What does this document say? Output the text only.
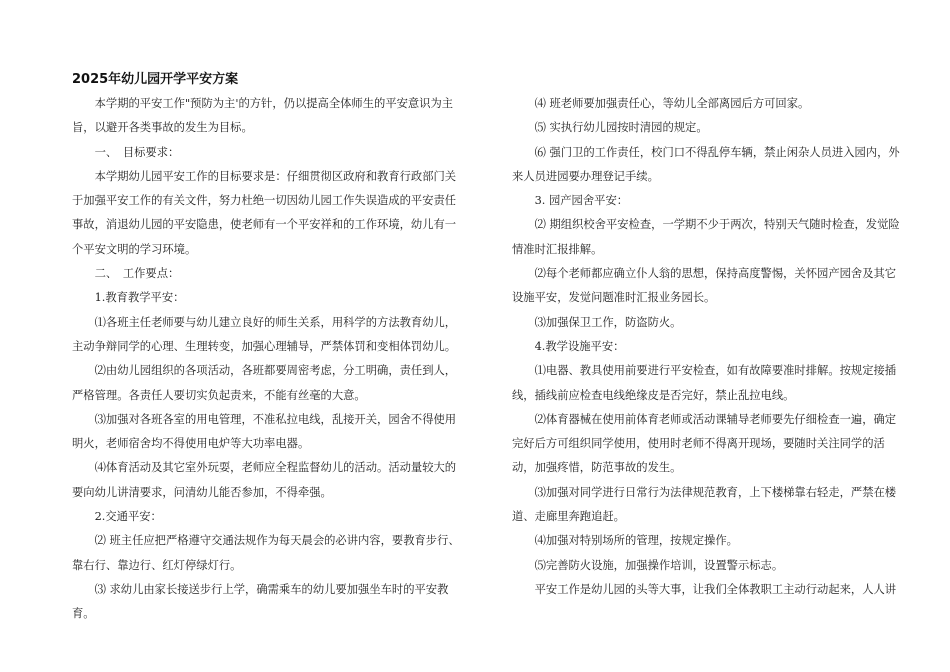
2025年幼儿园开学平安方案

本学期的平安工作"预防为主'的方针，仍以提高全体师生的平安意识为主旨，以避开各类事故的发生为目标。

一、　目标要求：

本学期幼儿园平安工作的目标要求是：仔细贯彻区政府和教育行政部门关于加强平安工作的有关文件，努力杜绝一切因幼儿园工作失误造成的平安责任事故，消退幼儿园的平安隐患，使老师有一个平安祥和的工作环境，幼儿有一个平安文明的学习环境。

二、　工作要点：

1.教育教学平安：

⑴各班主任老师要与幼儿建立良好的师生关系，用科学的方法教育幼儿，主动争辩同学的心理、生理转变，加强心理辅导，严禁体罚和变相体罚幼儿。

⑵由幼儿园组织的各项活动，各班都要周密考虑，分工明确，责任到人，严格管理。各责任人要切实负起责来，不能有丝毫的大意。

⑶加强对各班各室的用电管理，不准私拉电线，乱接开关，园舍不得使用明火，老师宿舍均不得使用电炉等大功率电器。

⑷体育活动及其它室外玩耍，老师应全程监督幼儿的活动。活动量较大的要向幼儿讲清要求，问清幼儿能否参加，不得牵强。

2.交通平安：

⑵ 班主任应把严格遵守交通法规作为每天晨会的必讲内容，要教育步行、靠右行、靠边行、红灯停绿灯行。

⑶ 求幼儿由家长接送步行上学，确需乘车的幼儿要加强坐车时的平安教育。

⑷ 班老师要加强责任心，等幼儿全部离园后方可回家。

⑸ 实执行幼儿园按时清园的规定。

⑹ 强门卫的工作责任，校门口不得乱停车辆，禁止闲杂人员进入园内，外来人员进园要办理登记手续。

3. 园产园舍平安：

⑵ 期组织校舍平安检查，一学期不少于两次，特别天气随时检查，发觉险情准时汇报排解。

⑵每个老师都应确立仆人翁的思想，保持高度警惕，关怀园产园舍及其它设施平安，发觉问题准时汇报业务园长。

⑶加强保卫工作，防盗防火。

4.教学设施平安：

⑴电器、教具使用前要进行平安检查，如有故障要准时排解。按规定接插线，插线前应检查电线绝缘皮是否完好，禁止乱拉电线。

⑵体育器械在使用前体育老师或活动课辅导老师要先仔细检查一遍，确定完好后方可组织同学使用，使用时老师不得离开现场，要随时关注同学的活动，加强疼惜，防范事故的发生。

⑶加强对同学进行日常行为法律规范教育，上下楼梯靠右轻走，严禁在楼道、走廊里奔跑追赶。

⑷加强对特别场所的管理，按规定操作。

⑸完善防火设施，加强操作培训，设置警示标志。

平安工作是幼儿园的头等大事，让我们全体教职工主动行动起来，人人讲
